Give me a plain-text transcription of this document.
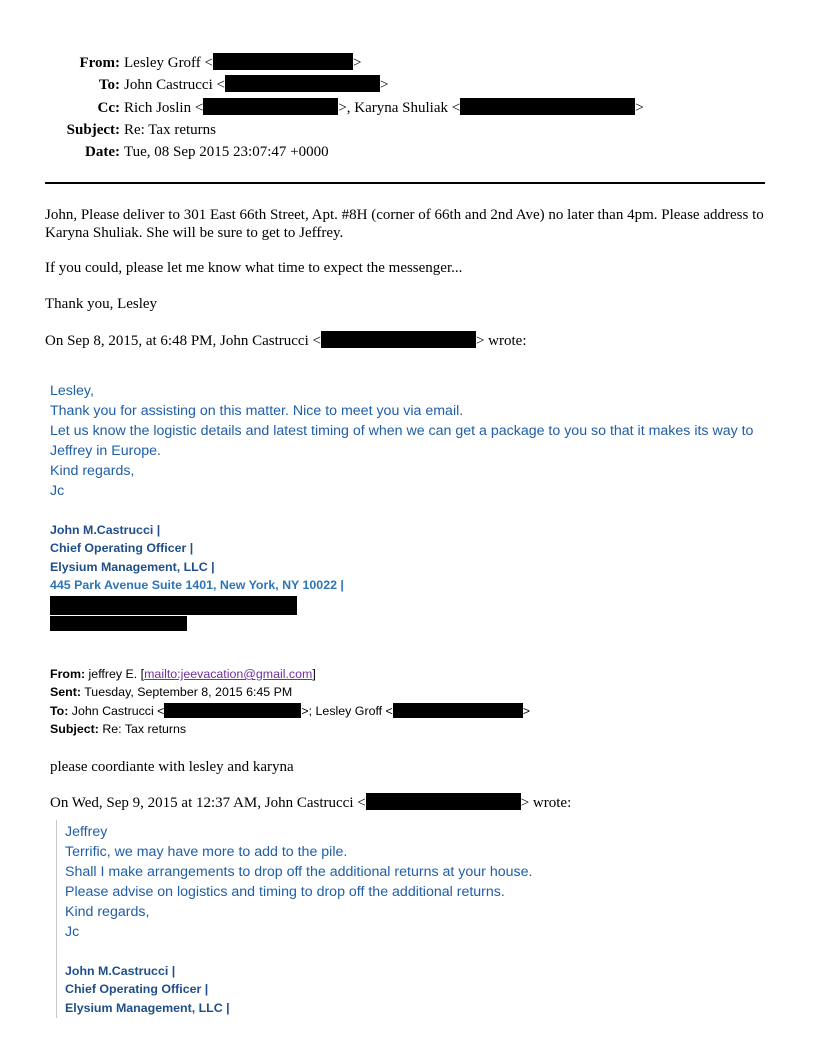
From: Lesley Groff <	>
To: John Castrucci <	>
Cc: Rich Joslin <	>, Karyna Shuliak <	>
Subject: Re: Tax returns
Date: Tue, 08 Sep 2015 23:07:47 +0000
John, Please deliver to 301 East 66th Street, Apt. #8H (corner of 66th and 2nd Ave) no later than 4pm. Please address to Karyna Shuliak. She will be sure to get to Jeffrey.
If you could, please let me know what time to expect the messenger...
Thank you, Lesley
On Sep 8, 2015, at 6:48 PM, John Castrucci <	> wrote:
Lesley,
Thank you for assisting on this matter. Nice to meet you via email.
Let us know the logistic details and latest timing of when we can get a package to you so that it makes its way to Jeffrey in Europe.
Kind regards,
Jc
John M.Castrucci |
Chief Operating Officer |
Elysium Management, LLC |
445 Park Avenue Suite 1401, New York, NY 10022 |
From: jeffrey E. [mailto:jeevacation@gmail.com]
Sent: Tuesday, September 8, 2015 6:45 PM
To: John Castrucci <	>; Lesley Groff <	>
Subject: Re: Tax returns
please coordiante with lesley and karyna
On Wed, Sep 9, 2015 at 12:37 AM, John Castrucci <	> wrote:
Jeffrey
Terrific, we may have more to add to the pile.
Shall I make arrangements to drop off the additional returns at your house.
Please advise on logistics and timing to drop off the additional returns.
Kind regards,
Jc
John M.Castrucci |
Chief Operating Officer |
Elysium Management, LLC |
